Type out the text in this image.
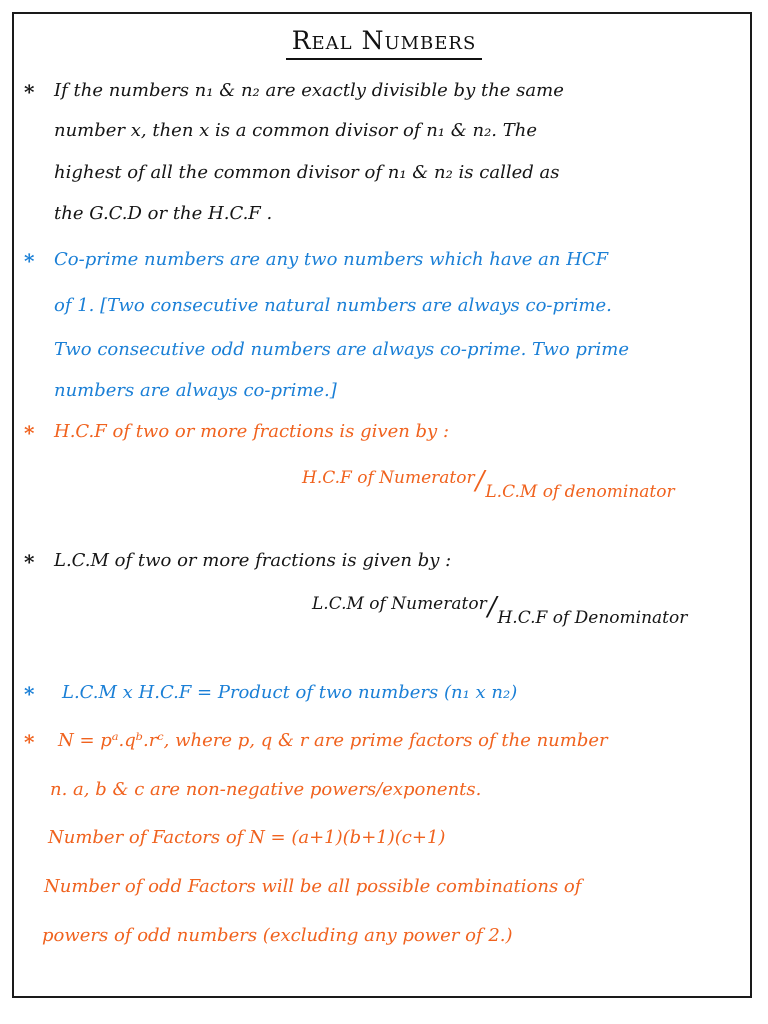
Real Numbers
* If the numbers n₁ & n₂ are exactly divisible by the same
number x, then x is a common divisor of n₁ & n₂. The
highest of all the common divisor of n₁ & n₂ is called as
the G.C.D or the H.C.F .
* Co-prime numbers are any two numbers which have an HCF
of 1. [Two consecutive natural numbers are always co-prime.
Two consecutive odd numbers are always co-prime. Two prime
numbers are always co-prime.]
* H.C.F of two or more fractions is given by :
H.C.F of Numerator/L.C.M of denominator
* L.C.M of two or more fractions is given by :
L.C.M of Numerator/H.C.F of Denominator
* L.C.M x H.C.F = Product of two numbers (n₁ x n₂)
* N = pᵃ.qᵇ.rᶜ, where p, q & r are prime factors of the number
n. a, b & c are non-negative powers/exponents.
Number of Factors of N = (a+1)(b+1)(c+1)
Number of odd Factors will be all possible combinations of
powers of odd numbers (excluding any power of 2.)
